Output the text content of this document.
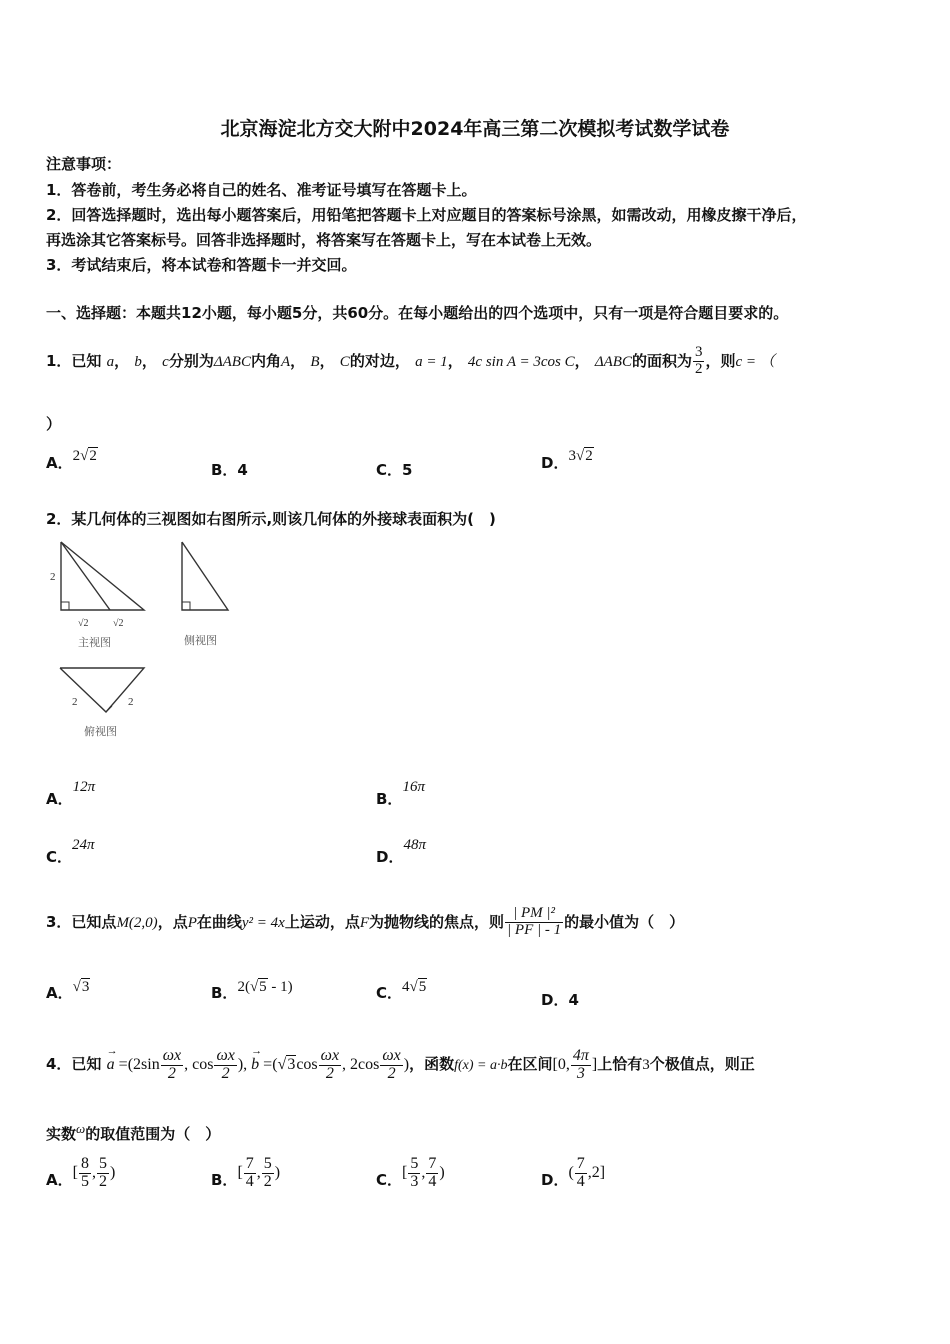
北京海淀北方交大附中2024年高三第二次模拟考试数学试卷
注意事项：
1．答卷前，考生务必将自己的姓名、准考证号填写在答题卡上。
2．回答选择题时，选出每小题答案后，用铅笔把答题卡上对应题目的答案标号涂黑，如需改动，用橡皮擦干净后，
再选涂其它答案标号。回答非选择题时，将答案写在答题卡上，写在本试卷上无效。
3．考试结束后，将本试卷和答题卡一并交回。
一、选择题：本题共12小题，每小题5分，共60分。在每小题给出的四个选项中，只有一项是符合题目要求的。
1．已知 a， b， c分别为ΔABC内角A， B， C的对边， a = 1， 4c sin A = 3cos C， ΔABC的面积为 $\frac{3}{2}$ ，则c = （
）
A．2√2
B．4	C．5	D．3√2
2．某几何体的三视图如右图所示,则该几何体的外接球表面积为(　)
2
√2 √2
主视图	侧视图
2	2
俯视图
A．12π
B．16π
C．24π
D．48π
3．已知点M(2,0)，点P在曲线y² = 4x上运动，点F为抛物线的焦点，则 $\frac{\text{| PM |²}}{| PF | - 1}$ 的最小值为（　）
A．√3	B．2(√5 - 1)	C．4√5
D．4
4．已知
→
$a =(2\sin \frac{\omega x}{2}$ , $\cos \frac{\omega x}{2}$ ),
→
$b =(√3\cos \frac{\omega x}{2}$ , $2\cos \frac{\omega x}{2}$ )，函数f(x) = a·b在区间[0, $\frac{4\pi}{3}$ ]上恰有3个极值点，则正
实数ω的取值范围为（　）
A．[ $\frac{8}{5}$ , $\frac{5}{2}$ )	B．[ $\frac{7}{4}$ , $\frac{5}{2}$ )	C．[ $\frac{5}{3}$ , $\frac{7}{4}$ )	D．( $\frac{7}{4} ,2$]
